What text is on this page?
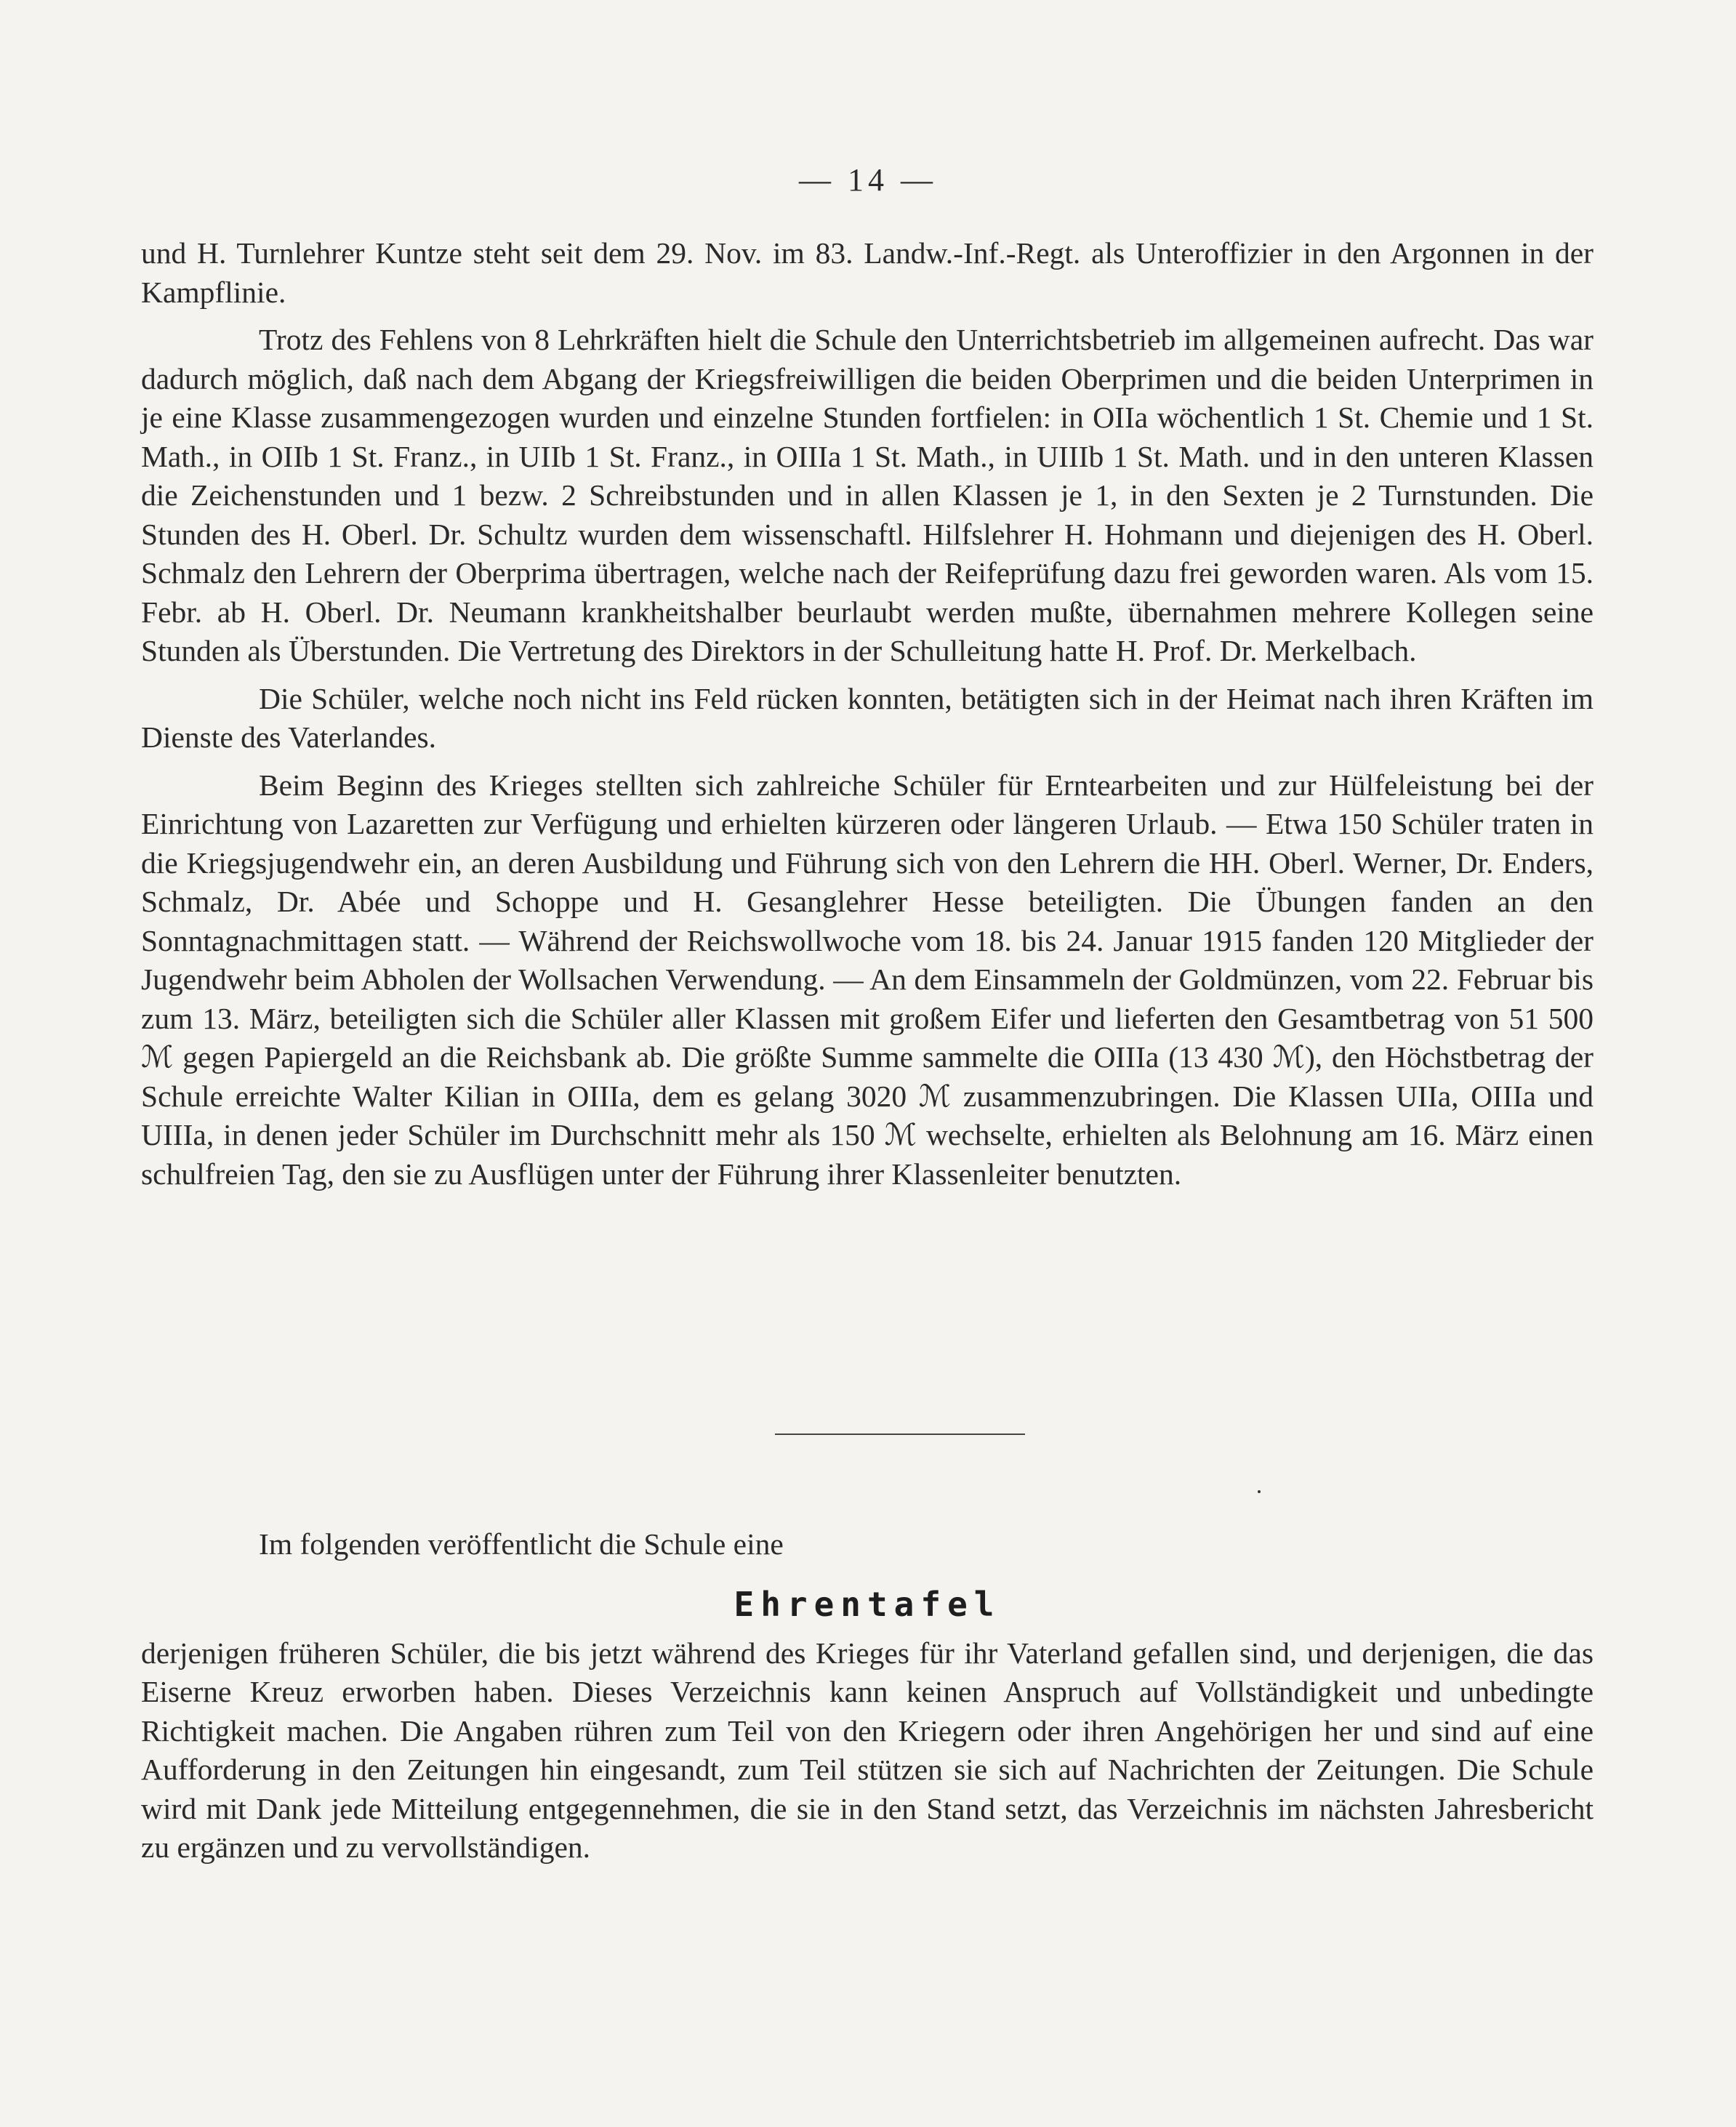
— 14 —

und H. Turnlehrer Kuntze steht seit dem 29. Nov. im 83. Landw.-Inf.-Regt. als Unteroffizier in den Argonnen in der Kampflinie.

Trotz des Fehlens von 8 Lehrkräften hielt die Schule den Unterrichtsbetrieb im allgemeinen aufrecht. Das war dadurch möglich, daß nach dem Abgang der Kriegsfreiwilligen die beiden Oberprimen und die beiden Unterprimen in je eine Klasse zusammengezogen wurden und einzelne Stunden fortfielen: in OIIa wöchentlich 1 St. Chemie und 1 St. Math., in OIIb 1 St. Franz., in UIIb 1 St. Franz., in OIIIa 1 St. Math., in UIIIb 1 St. Math. und in den unteren Klassen die Zeichenstunden und 1 bezw. 2 Schreibstunden und in allen Klassen je 1, in den Sexten je 2 Turnstunden. Die Stunden des H. Oberl. Dr. Schultz wurden dem wissenschaftl. Hilfslehrer H. Hohmann und diejenigen des H. Oberl. Schmalz den Lehrern der Oberprima übertragen, welche nach der Reifeprüfung dazu frei geworden waren. Als vom 15. Febr. ab H. Oberl. Dr. Neumann krankheitshalber beurlaubt werden mußte, übernahmen mehrere Kollegen seine Stunden als Überstunden. Die Vertretung des Direktors in der Schulleitung hatte H. Prof. Dr. Merkelbach.

Die Schüler, welche noch nicht ins Feld rücken konnten, betätigten sich in der Heimat nach ihren Kräften im Dienste des Vaterlandes.

Beim Beginn des Krieges stellten sich zahlreiche Schüler für Erntearbeiten und zur Hülfeleistung bei der Einrichtung von Lazaretten zur Verfügung und erhielten kürzeren oder längeren Urlaub. — Etwa 150 Schüler traten in die Kriegsjugendwehr ein, an deren Ausbildung und Führung sich von den Lehrern die HH. Oberl. Werner, Dr. Enders, Schmalz, Dr. Abée und Schoppe und H. Gesanglehrer Hesse beteiligten. Die Übungen fanden an den Sonntagnachmittagen statt. — Während der Reichswollwoche vom 18. bis 24. Januar 1915 fanden 120 Mitglieder der Jugendwehr beim Abholen der Wollsachen Verwendung. — An dem Einsammeln der Goldmünzen, vom 22. Februar bis zum 13. März, beteiligten sich die Schüler aller Klassen mit großem Eifer und lieferten den Gesamtbetrag von 51 500 ℳ gegen Papiergeld an die Reichsbank ab. Die größte Summe sammelte die OIIIa (13 430 ℳ), den Höchstbetrag der Schule erreichte Walter Kilian in OIIIa, dem es gelang 3020 ℳ zusammenzubringen. Die Klassen UIIa, OIIIa und UIIIa, in denen jeder Schüler im Durchschnitt mehr als 150 ℳ wechselte, erhielten als Belohnung am 16. März einen schulfreien Tag, den sie zu Ausflügen unter der Führung ihrer Klassenleiter benutzten.

Im folgenden veröffentlicht die Schule eine

Ehrentafel

derjenigen früheren Schüler, die bis jetzt während des Krieges für ihr Vaterland gefallen sind, und derjenigen, die das Eiserne Kreuz erworben haben. Dieses Verzeichnis kann keinen Anspruch auf Vollständigkeit und unbedingte Richtigkeit machen. Die Angaben rühren zum Teil von den Kriegern oder ihren Angehörigen her und sind auf eine Aufforderung in den Zeitungen hin eingesandt, zum Teil stützen sie sich auf Nachrichten der Zeitungen. Die Schule wird mit Dank jede Mitteilung entgegennehmen, die sie in den Stand setzt, das Verzeichnis im nächsten Jahresbericht zu ergänzen und zu vervollständigen.
